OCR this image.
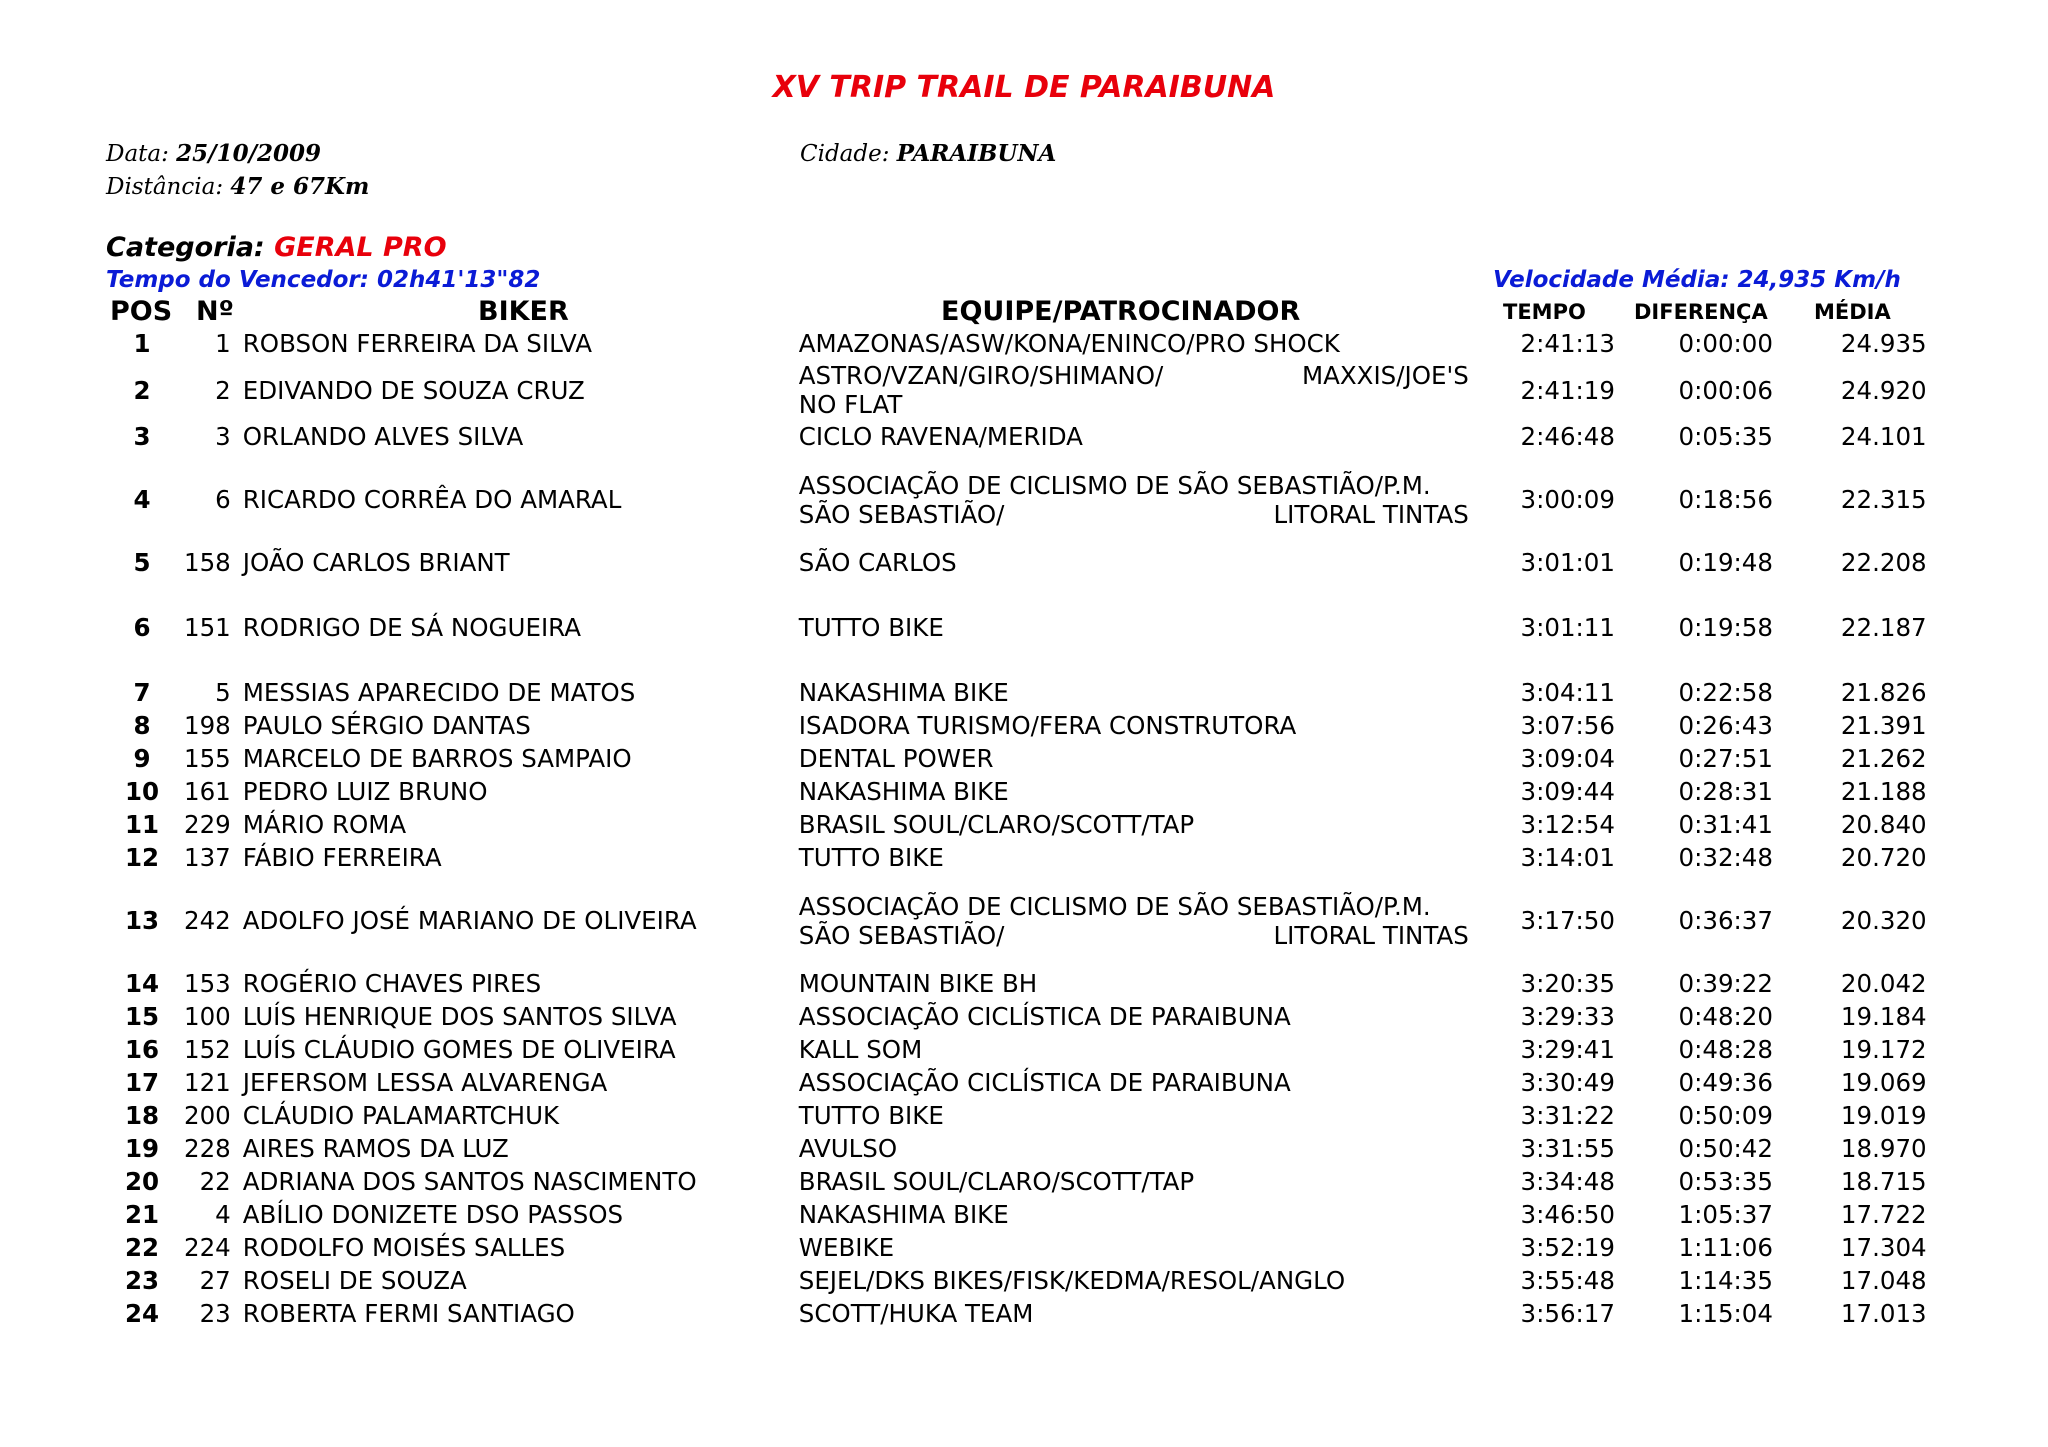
XV TRIP TRAIL DE PARAIBUNA
Data: 25/10/2009
Distância: 47 e 67Km
Cidade: PARAIBUNA
Categoria: GERAL PRO
Tempo do Vencedor: 02h41'13"82	Velocidade Média: 24,935 Km/h
POS Nº	BIKER	EQUIPE/PATROCINADOR	TEMPO DIFERENÇA MÉDIA
1	1	ROBSON FERREIRA DA SILVA	AMAZONAS/ASW/KONA/ENINCO/PRO SHOCK	2:41:13	0:00:00	24.935
2	2	EDIVANDO DE SOUZA CRUZ	ASTRO/VZAN/GIRO/SHIMANO/ MAXXIS/JOE'S
NO FLAT	2:41:19	0:00:06	24.920
3	3	ORLANDO ALVES SILVA	CICLO RAVENA/MERIDA	2:46:48	0:05:35	24.101
4	6	RICARDO CORRÊA DO AMARAL	ASSOCIAÇÃO DE CICLISMO DE SÃO SEBASTIÃO/P.M.
SÃO SEBASTIÃO/ LITORAL TINTAS	3:00:09	0:18:56	22.315
5	158	JOÃO CARLOS BRIANT	SÃO CARLOS	3:01:01	0:19:48	22.208
6	151	RODRIGO DE SÁ NOGUEIRA	TUTTO BIKE	3:01:11	0:19:58	22.187
7	5	MESSIAS APARECIDO DE MATOS	NAKASHIMA BIKE	3:04:11	0:22:58	21.826
8	198	PAULO SÉRGIO DANTAS	ISADORA TURISMO/FERA CONSTRUTORA	3:07:56	0:26:43	21.391
9	155	MARCELO DE BARROS SAMPAIO	DENTAL POWER	3:09:04	0:27:51	21.262
10	161	PEDRO LUIZ BRUNO	NAKASHIMA BIKE	3:09:44	0:28:31	21.188
11	229	MÁRIO ROMA	BRASIL SOUL/CLARO/SCOTT/TAP	3:12:54	0:31:41	20.840
12	137	FÁBIO FERREIRA	TUTTO BIKE	3:14:01	0:32:48	20.720
13	242	ADOLFO JOSÉ MARIANO DE OLIVEIRA	ASSOCIAÇÃO DE CICLISMO DE SÃO SEBASTIÃO/P.M.
SÃO SEBASTIÃO/ LITORAL TINTAS	3:17:50	0:36:37	20.320
14	153	ROGÉRIO CHAVES PIRES	MOUNTAIN BIKE BH	3:20:35	0:39:22	20.042
15	100	LUÍS HENRIQUE DOS SANTOS SILVA	ASSOCIAÇÃO CICLÍSTICA DE PARAIBUNA	3:29:33	0:48:20	19.184
16	152	LUÍS CLÁUDIO GOMES DE OLIVEIRA	KALL SOM	3:29:41	0:48:28	19.172
17	121	JEFERSOM LESSA ALVARENGA	ASSOCIAÇÃO CICLÍSTICA DE PARAIBUNA	3:30:49	0:49:36	19.069
18	200	CLÁUDIO PALAMARTCHUK	TUTTO BIKE	3:31:22	0:50:09	19.019
19	228	AIRES RAMOS DA LUZ	AVULSO	3:31:55	0:50:42	18.970
20	22	ADRIANA DOS SANTOS NASCIMENTO	BRASIL SOUL/CLARO/SCOTT/TAP	3:34:48	0:53:35	18.715
21	4	ABÍLIO DONIZETE DSO PASSOS	NAKASHIMA BIKE	3:46:50	1:05:37	17.722
22	224	RODOLFO MOISÉS SALLES	WEBIKE	3:52:19	1:11:06	17.304
23	27	ROSELI DE SOUZA	SEJEL/DKS BIKES/FISK/KEDMA/RESOL/ANGLO	3:55:48	1:14:35	17.048
24	23	ROBERTA FERMI SANTIAGO	SCOTT/HUKA TEAM	3:56:17	1:15:04	17.013
